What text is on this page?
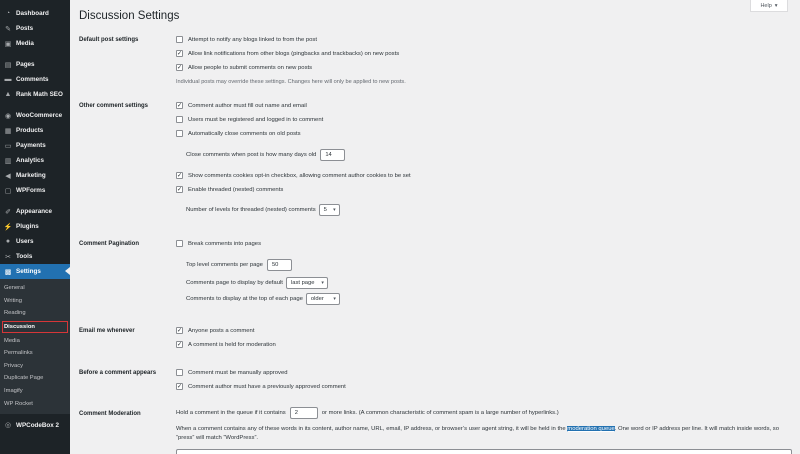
◔ Dashboard
✎ Posts
▣ Media
▤ Pages
▬ Comments
▲ Rank Math SEO
◉ WooCommerce
▦ Products
▭ Payments
▥ Analytics
◀ Marketing
▢ WPForms
✐ Appearance
⚡ Plugins
● Users
✂ Tools
▩ Settings
General
Writing
Reading
Discussion
Media
Permalinks
Privacy
Duplicate Page
Imagify
WP Rocket
◎ WPCodeBox 2
Help ▾
Discussion Settings
Default post settings	Attempt to notify any blogs linked to from the post
✓ Allow link notifications from other blogs (pingbacks and trackbacks) on new posts
✓ Allow people to submit comments on new posts
Individual posts may override these settings. Changes here will only be applied to new posts.
Other comment settings	✓ Comment author must fill out name and email
Users must be registered and logged in to comment
Automatically close comments on old posts
Close comments when post is how many days old	14
✓ Show comments cookies opt-in checkbox, allowing comment author cookies to be set
✓ Enable threaded (nested) comments
Number of levels for threaded (nested) comments 5 ▾
Comment Pagination	Break comments into pages
Top level comments per page	50
Comments page to display by default last page ▾
Comments to display at the top of each page older ▾
Email me whenever	✓ Anyone posts a comment
✓ A comment is held for moderation
Before a comment appears	Comment must be manually approved
✓ Comment author must have a previously approved comment
Comment Moderation	Hold a comment in the queue if it contains	2	or more links. (A common characteristic of comment spam is a large number of hyperlinks.)

When a comment contains any of these words in its content, author name, URL, email, IP address, or browser’s user agent string, it will be held in the moderation queue. One word or IP address per line. It will match inside words, so “press” will match “WordPress”.
